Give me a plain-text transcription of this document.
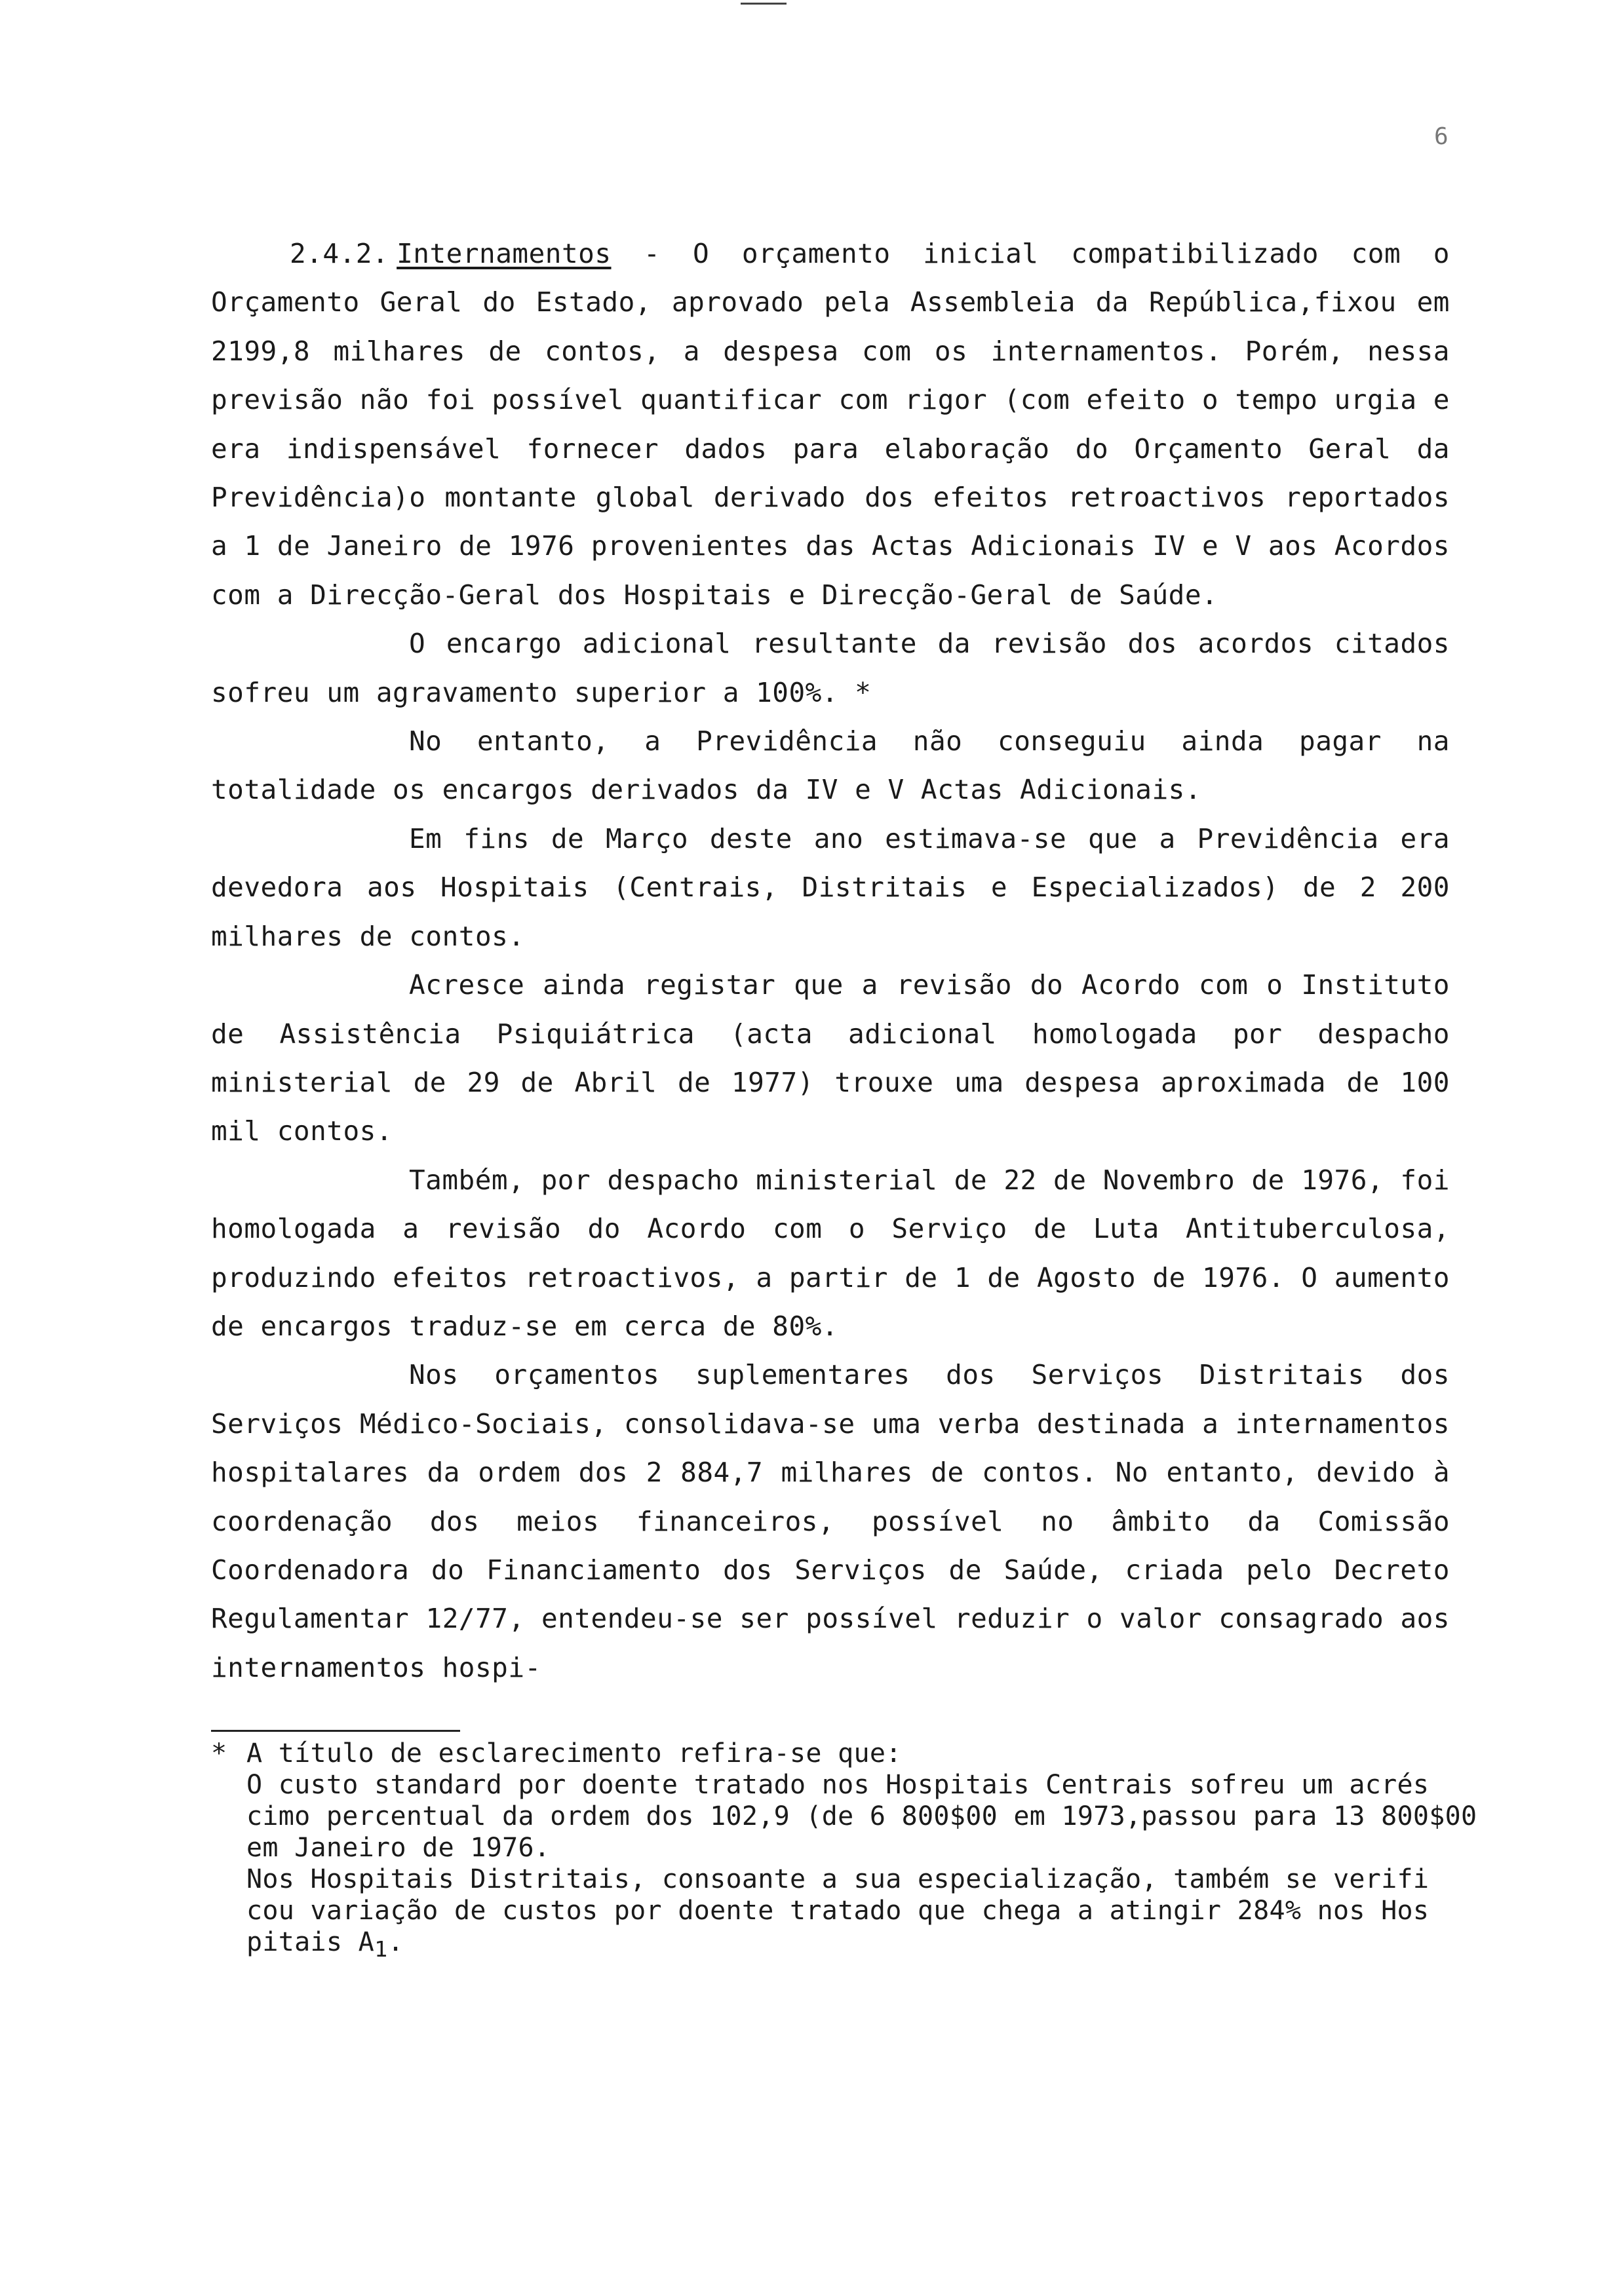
6

2.4.2. Internamentos - O orçamento inicial compatibilizado com o Orçamento Geral do Estado, aprovado pela Assembleia da República,fixou em 2199,8 milhares de contos, a despesa com os internamentos. Porém, nessa previsão não foi possível quantificar com rigor (com efeito o tempo urgia e era indispensável fornecer dados para elaboração do Orçamento Geral da Previdência)o montante global derivado dos efeitos retroactivos reportados a 1 de Janeiro de 1976 provenientes das Actas Adicionais IV e V aos Acordos com a Direcção-Geral dos Hospitais e Direcção-Geral de Saúde.

O encargo adicional resultante da revisão dos acordos citados sofreu um agravamento superior a 100%. *

No entanto, a Previdência não conseguiu ainda pagar na totalidade os encargos derivados da IV e V Actas Adicionais.

Em fins de Março deste ano estimava-se que a Previdência era devedora aos Hospitais (Centrais, Distritais e Especializados) de 2 200 milhares de contos.

Acresce ainda registar que a revisão do Acordo com o Instituto de Assistência Psiquiátrica (acta adicional homologada por despacho ministerial de 29 de Abril de 1977) trouxe uma despesa aproximada de 100 mil contos.

Também, por despacho ministerial de 22 de Novembro de 1976, foi homologada a revisão do Acordo com o Serviço de Luta Antituberculosa, produzindo efeitos retroactivos, a partir de 1 de Agosto de 1976. O aumento de encargos traduz-se em cerca de 80%.

Nos orçamentos suplementares dos Serviços Distritais dos Serviços Médico-Sociais, consolidava-se uma verba destinada a internamentos hospitalares da ordem dos 2 884,7 milhares de contos. No entanto, devido à coordenação dos meios financeiros, possível no âmbito da Comissão Coordenadora do Financiamento dos Serviços de Saúde, criada pelo Decreto Regulamentar 12/77, entendeu-se ser possível reduzir o valor consagrado aos internamentos hospi-

* A título de esclarecimento refira-se que:

O custo standard por doente tratado nos Hospitais Centrais sofreu um acrés

cimo percentual da ordem dos 102,9 (de 6 800$00 em 1973,passou para 13 800$00

em Janeiro de 1976.

Nos Hospitais Distritais, consoante a sua especialização, também se verifi

cou variação de custos por doente tratado que chega a atingir 284% nos Hos

pitais $A_1$.
